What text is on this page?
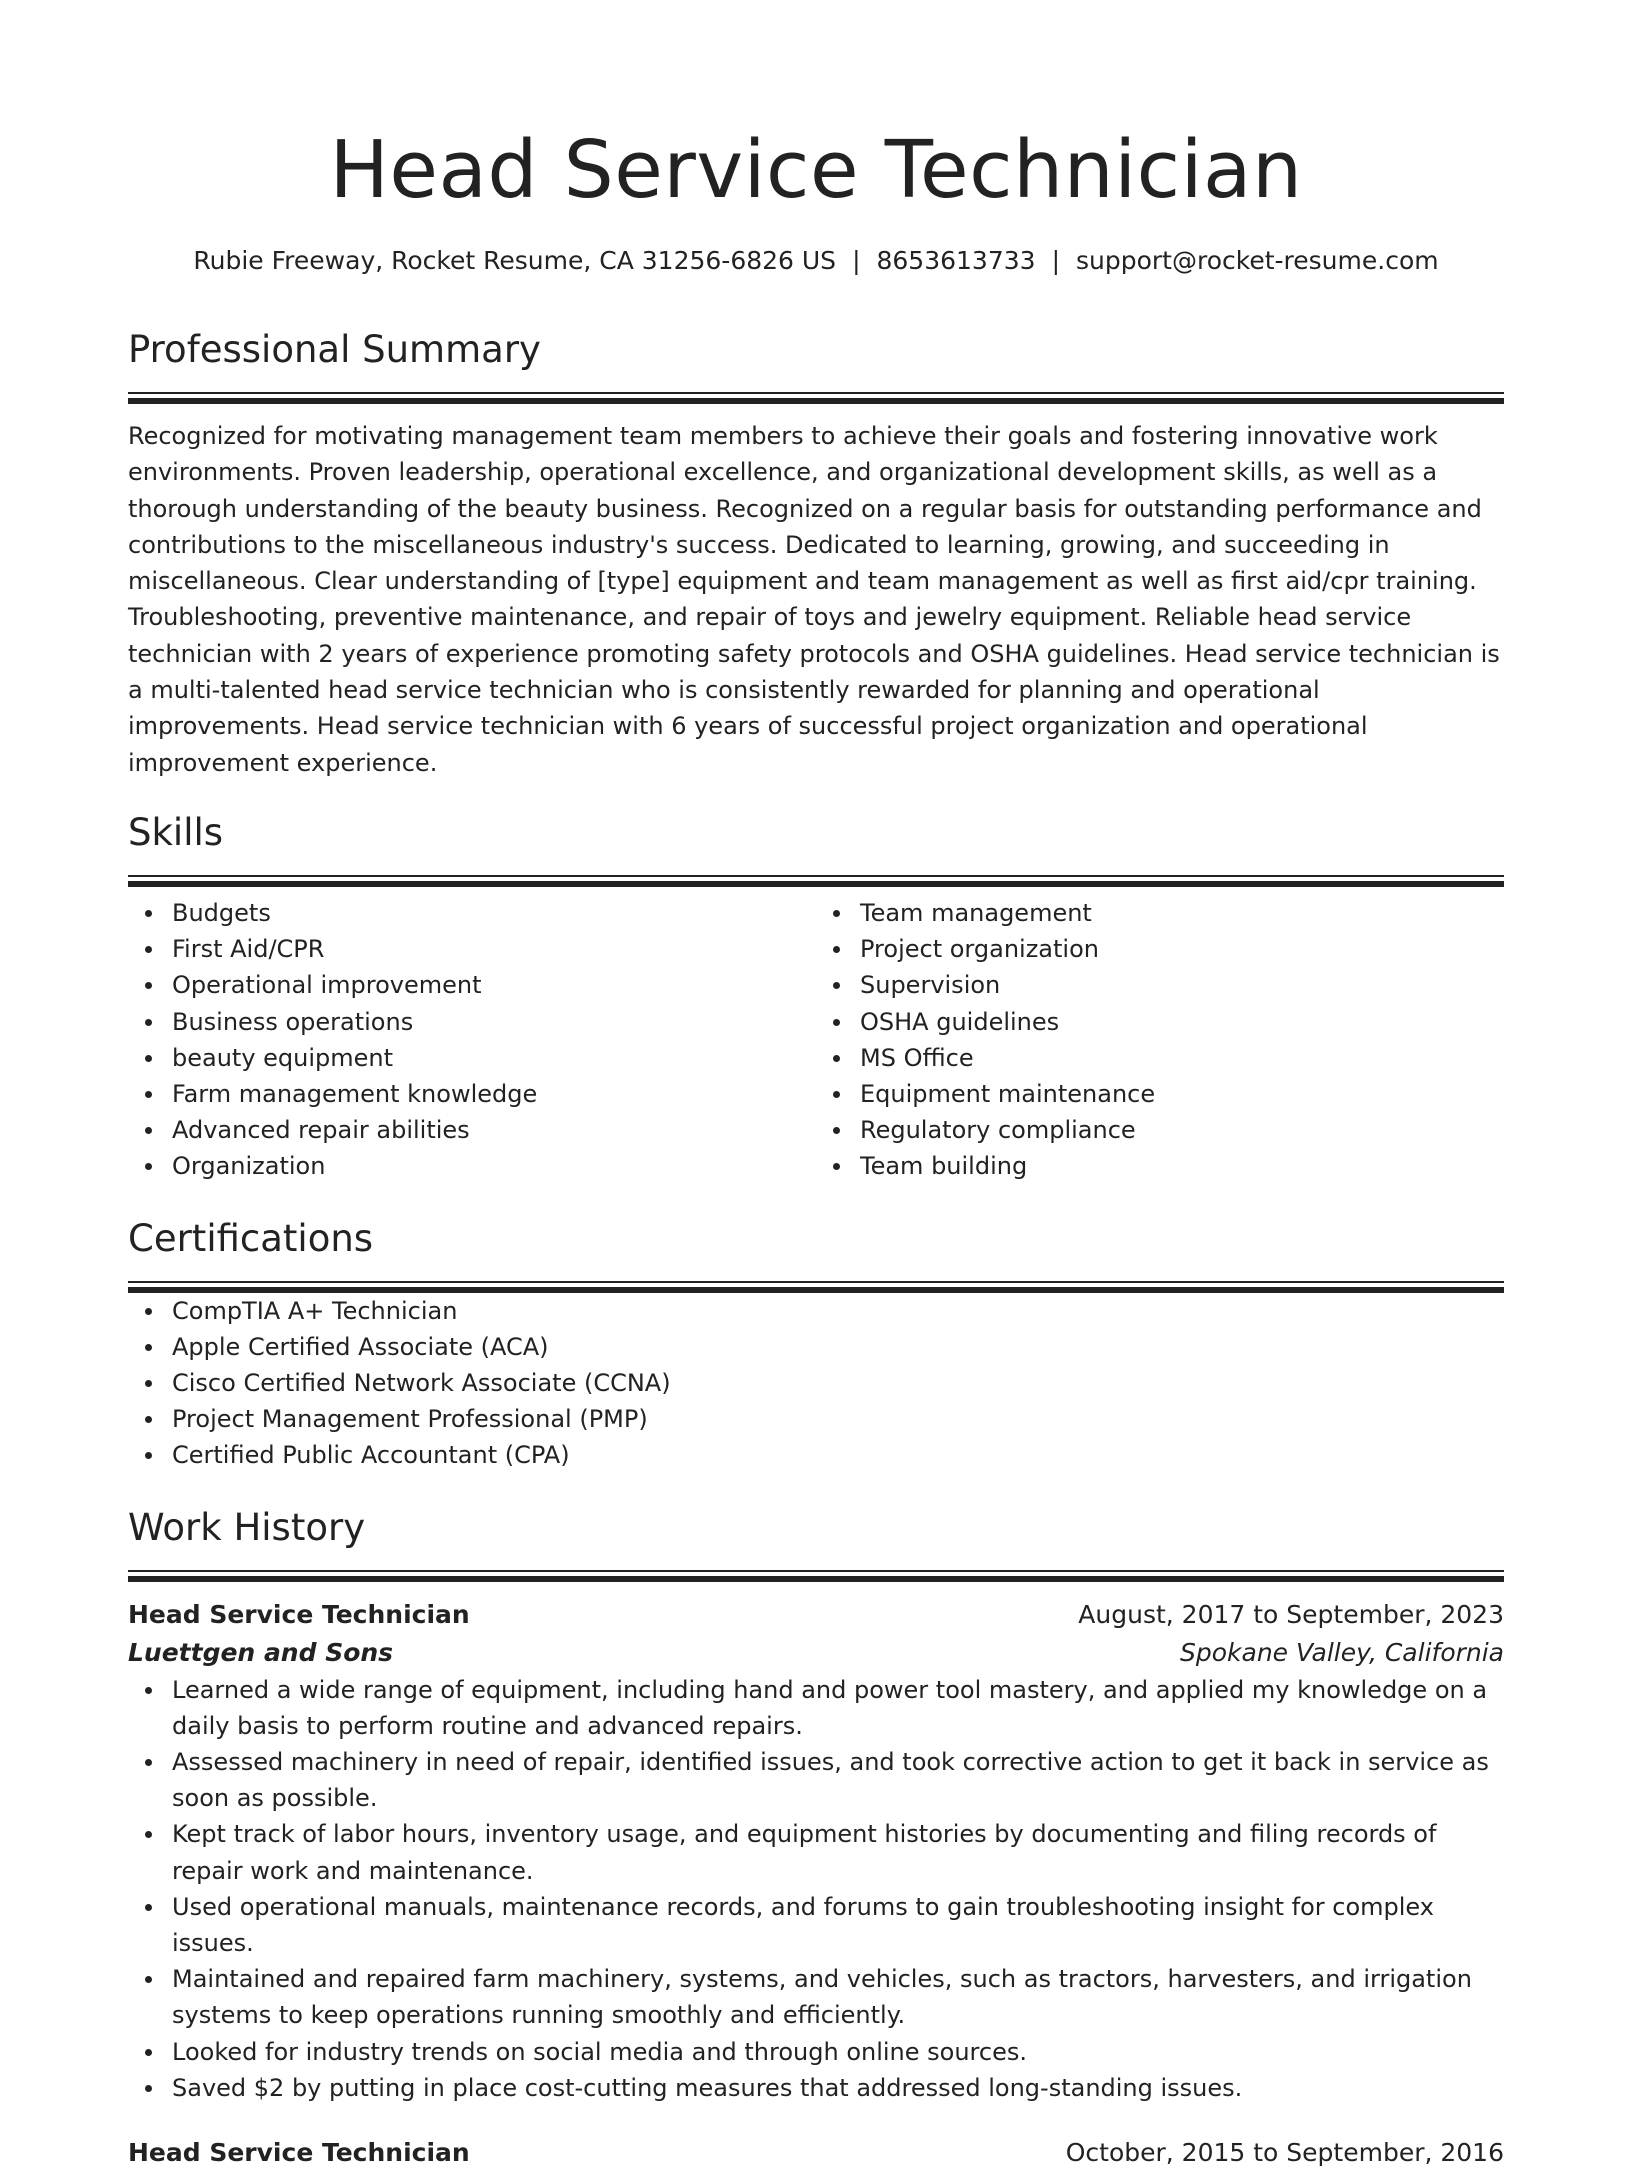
Head Service Technician
Rubie Freeway, Rocket Resume, CA 31256-6826 US | 8653613733 | support@rocket-resume.com
Professional Summary

Recognized for motivating management team members to achieve their goals and fostering innovative work environments. Proven leadership, operational excellence, and organizational development skills, as well as a thorough understanding of the beauty business. Recognized on a regular basis for outstanding performance and contributions to the miscellaneous industry's success. Dedicated to learning, growing, and succeeding in miscellaneous. Clear understanding of [type] equipment and team management as well as first aid/cpr training. Troubleshooting, preventive maintenance, and repair of toys and jewelry equipment. Reliable head service technician with 2 years of experience promoting safety protocols and OSHA guidelines. Head service technician is a multi-talented head service technician who is consistently rewarded for planning and operational improvements. Head service technician with 6 years of successful project organization and operational improvement experience.

Skills
Budgets
First Aid/CPR
Operational improvement
Business operations
beauty equipment
Farm management knowledge
Advanced repair abilities
Organization
Team management
Project organization
Supervision
OSHA guidelines
MS Office
Equipment maintenance
Regulatory compliance
Team building
Certifications
CompTIA A+ Technician
Apple Certified Associate (ACA)
Cisco Certified Network Associate (CCNA)
Project Management Professional (PMP)
Certified Public Accountant (CPA)
Work History
Head Service Technician	August, 2017 to September, 2023
Luettgen and Sons	Spokane Valley, California
Learned a wide range of equipment, including hand and power tool mastery, and applied my knowledge on a daily basis to perform routine and advanced repairs.
Assessed machinery in need of repair, identified issues, and took corrective action to get it back in service as soon as possible.
Kept track of labor hours, inventory usage, and equipment histories by documenting and filing records of repair work and maintenance.
Used operational manuals, maintenance records, and forums to gain troubleshooting insight for complex issues.
Maintained and repaired farm machinery, systems, and vehicles, such as tractors, harvesters, and irrigation systems to keep operations running smoothly and efficiently.
Looked for industry trends on social media and through online sources.
Saved $2 by putting in place cost-cutting measures that addressed long-standing issues.
Head Service Technician	October, 2015 to September, 2016
